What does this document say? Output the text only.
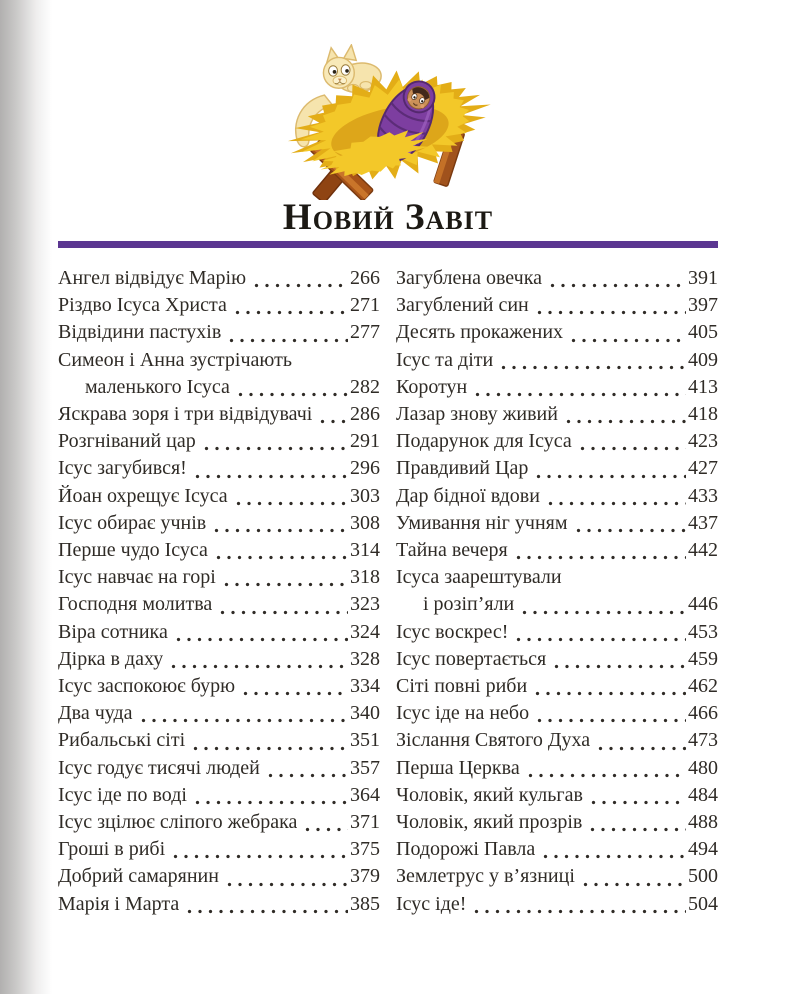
Новий Завіт
Ангел відвідує Марію	266
Різдво Ісуса Христа	271
Відвідини пастухів	277
Симеон і Анна зустрічають
маленького Ісуса	282
Яскрава зоря і три відвідувачі 286
Розгніваний цар	291
Ісус загубився!	296
Йоан охрещує Ісуса	303
Ісус обирає учнів	308
Перше чудо Ісуса	314
Ісус навчає на горі	318
Господня молитва	323
Віра сотника	324
Дірка в даху	328
Ісус заспокоює бурю	334
Два чуда	340
Рибальські сіті	351
Ісус годує тисячі людей	357
Ісус іде по воді	364
Ісус зцілює сліпого жебрака	371
Гроші в рибі	375
Добрий самарянин	379
Марія і Марта	385
Загублена овечка	391
Загублений син	397
Десять прокажених	405
Ісус та діти	409
Коротун	413
Лазар знову живий	418
Подарунок для Ісуса	423
Правдивий Цар	427
Дар бідної вдови	433
Умивання ніг учням	437
Тайна вечеря	442
Ісуса заарештували
і розіп’яли	446
Ісус воскрес!	453
Ісус повертається	459
Сіті повні риби	462
Ісус іде на небо	466
Зіслання Святого Духа	473
Перша Церква	480
Чоловік, який кульгав	484
Чоловік, який прозрів	488
Подорожі Павла	494
Землетрус у в’язниці	500
Ісус іде!	504
